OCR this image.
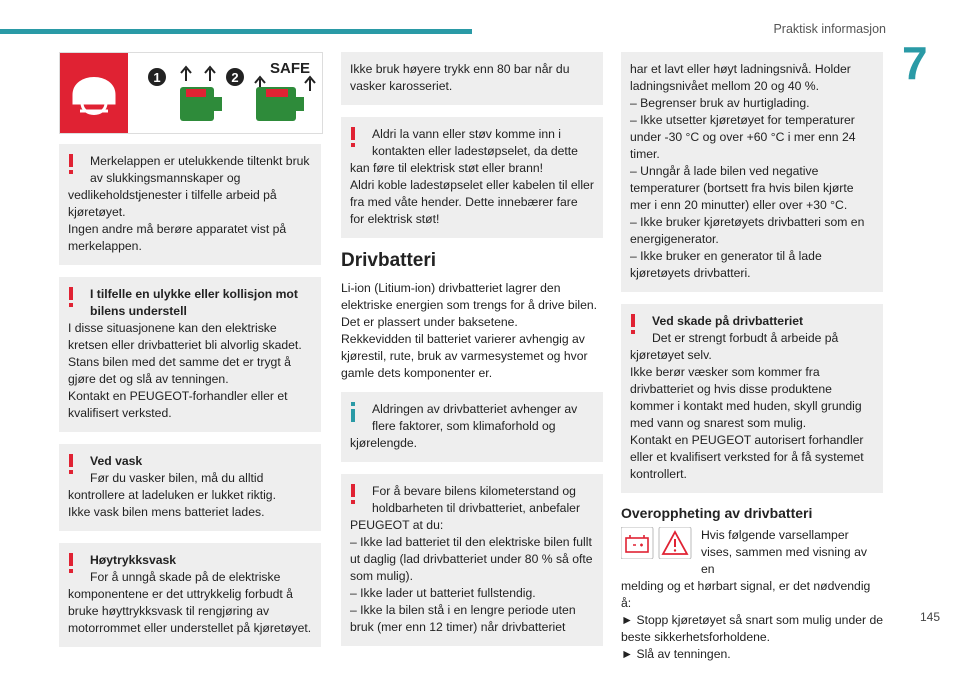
Praktisk informasjon
7
145
1	2
SAFE

Merkelappen er utelukkende tiltenkt bruk av slukkingsmannskaper og

vedlikeholdstjenester i tilfelle arbeid på kjøretøyet.

Ingen andre må berøre apparatet vist på merkelappen.

I tilfelle en ulykke eller kollisjon mot bilens understell

I disse situasjonene kan den elektriske kretsen eller drivbatteriet bli alvorlig skadet.

Stans bilen med det samme det er trygt å gjøre det og slå av tenningen.

Kontakt en PEUGEOT-forhandler eller et kvalifisert verksted.

Ved vask

Før du vasker bilen, må du alltid

kontrollere at ladeluken er lukket riktig.

Ikke vask bilen mens batteriet lades.

Høytrykksvask

For å unngå skade på de elektriske

komponentene er det uttrykkelig forbudt å bruke høyttrykksvask til rengjøring av motorrommet eller understellet på kjøretøyet.

Ikke bruk høyere trykk enn 80 bar når du vasker karosseriet.

Aldri la vann eller støv komme inn i kontakten eller ladestøpselet, da dette

kan føre til elektrisk støt eller brann!

Aldri koble ladestøpselet eller kabelen til eller fra med våte hender. Dette innebærer fare for elektrisk støt!

Drivbatteri

Li-ion (Litium-ion) drivbatteriet lagrer den elektriske energien som trengs for å drive bilen.

Det er plassert under baksetene.

Rekkevidden til batteriet varierer avhengig av kjørestil, rute, bruk av varmesystemet og hvor gamle dets komponenter er.

Aldringen av drivbatteriet avhenger av flere faktorer, som klimaforhold og

kjørelengde.

For å bevare bilens kilometerstand og holdbarheten til drivbatteriet, anbefaler

PEUGEOT at du:

– Ikke lad batteriet til den elektriske bilen fullt ut daglig (lad drivbatteriet under 80 % så ofte som mulig).

– Ikke lader ut batteriet fullstendig.

– Ikke la bilen stå i en lengre periode uten bruk (mer enn 12 timer) når drivbatteriet

har et lavt eller høyt ladningsnivå. Holder ladningsnivået mellom 20 og 40 %.

– Begrenser bruk av hurtiglading.

– Ikke utsetter kjøretøyet for temperaturer under -30 °C og over +60 °C i mer enn 24 timer.

– Unngår å lade bilen ved negative temperaturer (bortsett fra hvis bilen kjørte mer i enn 20 minutter) eller over +30 °C.

– Ikke bruker kjøretøyets drivbatteri som en energigenerator.

– Ikke bruker en generator til å lade kjøretøyets drivbatteri.

Ved skade på drivbatteriet

Det er strengt forbudt å arbeide på

kjøretøyet selv.

Ikke berør væsker som kommer fra drivbatteriet og hvis disse produktene kommer i kontakt med huden, skyll grundig med vann og snarest som mulig.

Kontakt en PEUGEOT autorisert forhandler eller et kvalifisert verksted for å få systemet kontrollert.

Overoppheting av drivbatteri

Hvis følgende varsellamper vises, sammen med visning av en

melding og et hørbart signal, er det nødvendig å:

► Stopp kjøretøyet så snart som mulig under de beste sikkerhetsforholdene.

► Slå av tenningen.
